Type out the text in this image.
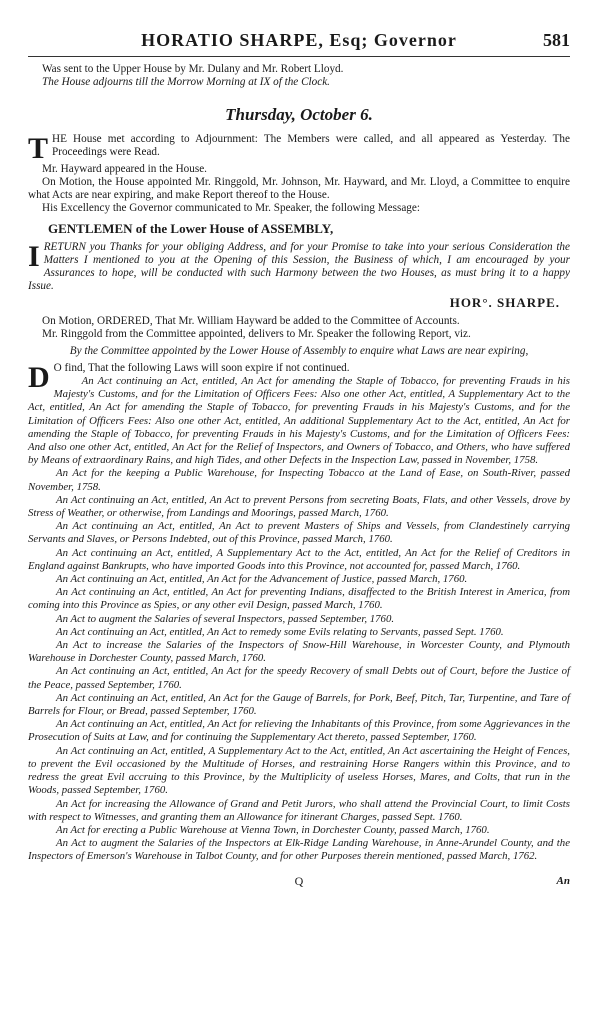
HORATIO SHARPE, Esq; Governor	581

Was sent to the Upper House by Mr. Dulany and Mr. Robert Lloyd.

The House adjourns till the Morrow Morning at IX of the Clock.

Thursday, October 6.

T HE House met according to Adjournment: The Members were called, and all appeared as Yesterday. The Proceedings were Read.

Mr. Hayward appeared in the House.

On Motion, the House appointed Mr. Ringgold, Mr. Johnson, Mr. Hayward, and Mr. Lloyd, a Committee to enquire what Acts are near expiring, and make Report thereof to the House.

His Excellency the Governor communicated to Mr. Speaker, the following Message:

GENTLEMEN of the Lower House of ASSEMBLY,

I RETURN you Thanks for your obliging Address, and for your Promise to take into your serious Consideration the Matters I mentioned to you at the Opening of this Session, the Business of which, I am encouraged by your Assurances to hope, will be conducted with such Harmony between the two Houses, as must bring it to a happy Issue.

HOR°. SHARPE.

On Motion, ORDERED, That Mr. William Hayward be added to the Committee of Accounts.

Mr. Ringgold from the Committee appointed, delivers to Mr. Speaker the following Report, viz.

By the Committee appointed by the Lower House of Assembly to enquire what Laws are near expiring,

D O find, That the following Laws will soon expire if not continued.

An Act continuing an Act, entitled, An Act for amending the Staple of Tobacco, for preventing Frauds in his Majesty's Customs, and for the Limitation of Officers Fees: Also one other Act, entitled, A Supplementary Act to the Act, entitled, An Act for amending the Staple of Tobacco, for preventing Frauds in his Majesty's Customs, and for the Limitation of Officers Fees: Also one other Act, entitled, An additional Supplementary Act to the Act, entitled, An Act for amending the Staple of Tobacco, for preventing Frauds in his Majesty's Customs, and for the Limitation of Officers Fees: And also one other Act, entitled, An Act for the Relief of Inspectors, and Owners of Tobacco, and Others, who have suffered by Means of extraordinary Rains, and high Tides, and other Defects in the Inspection Law, passed in November, 1758.

An Act for the keeping a Public Warehouse, for Inspecting Tobacco at the Land of Ease, on South-River, passed November, 1758.

An Act continuing an Act, entitled, An Act to prevent Persons from secreting Boats, Flats, and other Vessels, drove by Stress of Weather, or otherwise, from Landings and Moorings, passed March, 1760.

An Act continuing an Act, entitled, An Act to prevent Masters of Ships and Vessels, from Clandestinely carrying Servants and Slaves, or Persons Indebted, out of this Province, passed March, 1760.

An Act continuing an Act, entitled, A Supplementary Act to the Act, entitled, An Act for the Relief of Creditors in England against Bankrupts, who have imported Goods into this Province, not accounted for, passed March, 1760.

An Act continuing an Act, entitled, An Act for the Advancement of Justice, passed March, 1760.

An Act continuing an Act, entitled, An Act for preventing Indians, disaffected to the British Interest in America, from coming into this Province as Spies, or any other evil Design, passed March, 1760.

An Act to augment the Salaries of several Inspectors, passed September, 1760.

An Act continuing an Act, entitled, An Act to remedy some Evils relating to Servants, passed Sept. 1760.

An Act to increase the Salaries of the Inspectors of Snow-Hill Warehouse, in Worcester County, and Plymouth Warehouse in Dorchester County, passed March, 1760.

An Act continuing an Act, entitled, An Act for the speedy Recovery of small Debts out of Court, before the Justice of the Peace, passed September, 1760.

An Act continuing an Act, entitled, An Act for the Gauge of Barrels, for Pork, Beef, Pitch, Tar, Turpentine, and Tare of Barrels for Flour, or Bread, passed September, 1760.

An Act continuing an Act, entitled, An Act for relieving the Inhabitants of this Province, from some Aggrievances in the Prosecution of Suits at Law, and for continuing the Supplementary Act thereto, passed September, 1760.

An Act continuing an Act, entitled, A Supplementary Act to the Act, entitled, An Act ascertaining the Height of Fences, to prevent the Evil occasioned by the Multitude of Horses, and restraining Horse Rangers within this Province, and to redress the great Evil accruing to this Province, by the Multiplicity of useless Horses, Mares, and Colts, that run in the Woods, passed September, 1760.

An Act for increasing the Allowance of Grand and Petit Jurors, who shall attend the Provincial Court, to limit Costs with respect to Witnesses, and granting them an Allowance for itinerant Charges, passed Sept. 1760.

An Act for erecting a Public Warehouse at Vienna Town, in Dorchester County, passed March, 1760.

An Act to augment the Salaries of the Inspectors at Elk-Ridge Landing Warehouse, in Anne-Arundel County, and the Inspectors of Emerson's Warehouse in Talbot County, and for other Purposes therein mentioned, passed March, 1762.

Q	An
